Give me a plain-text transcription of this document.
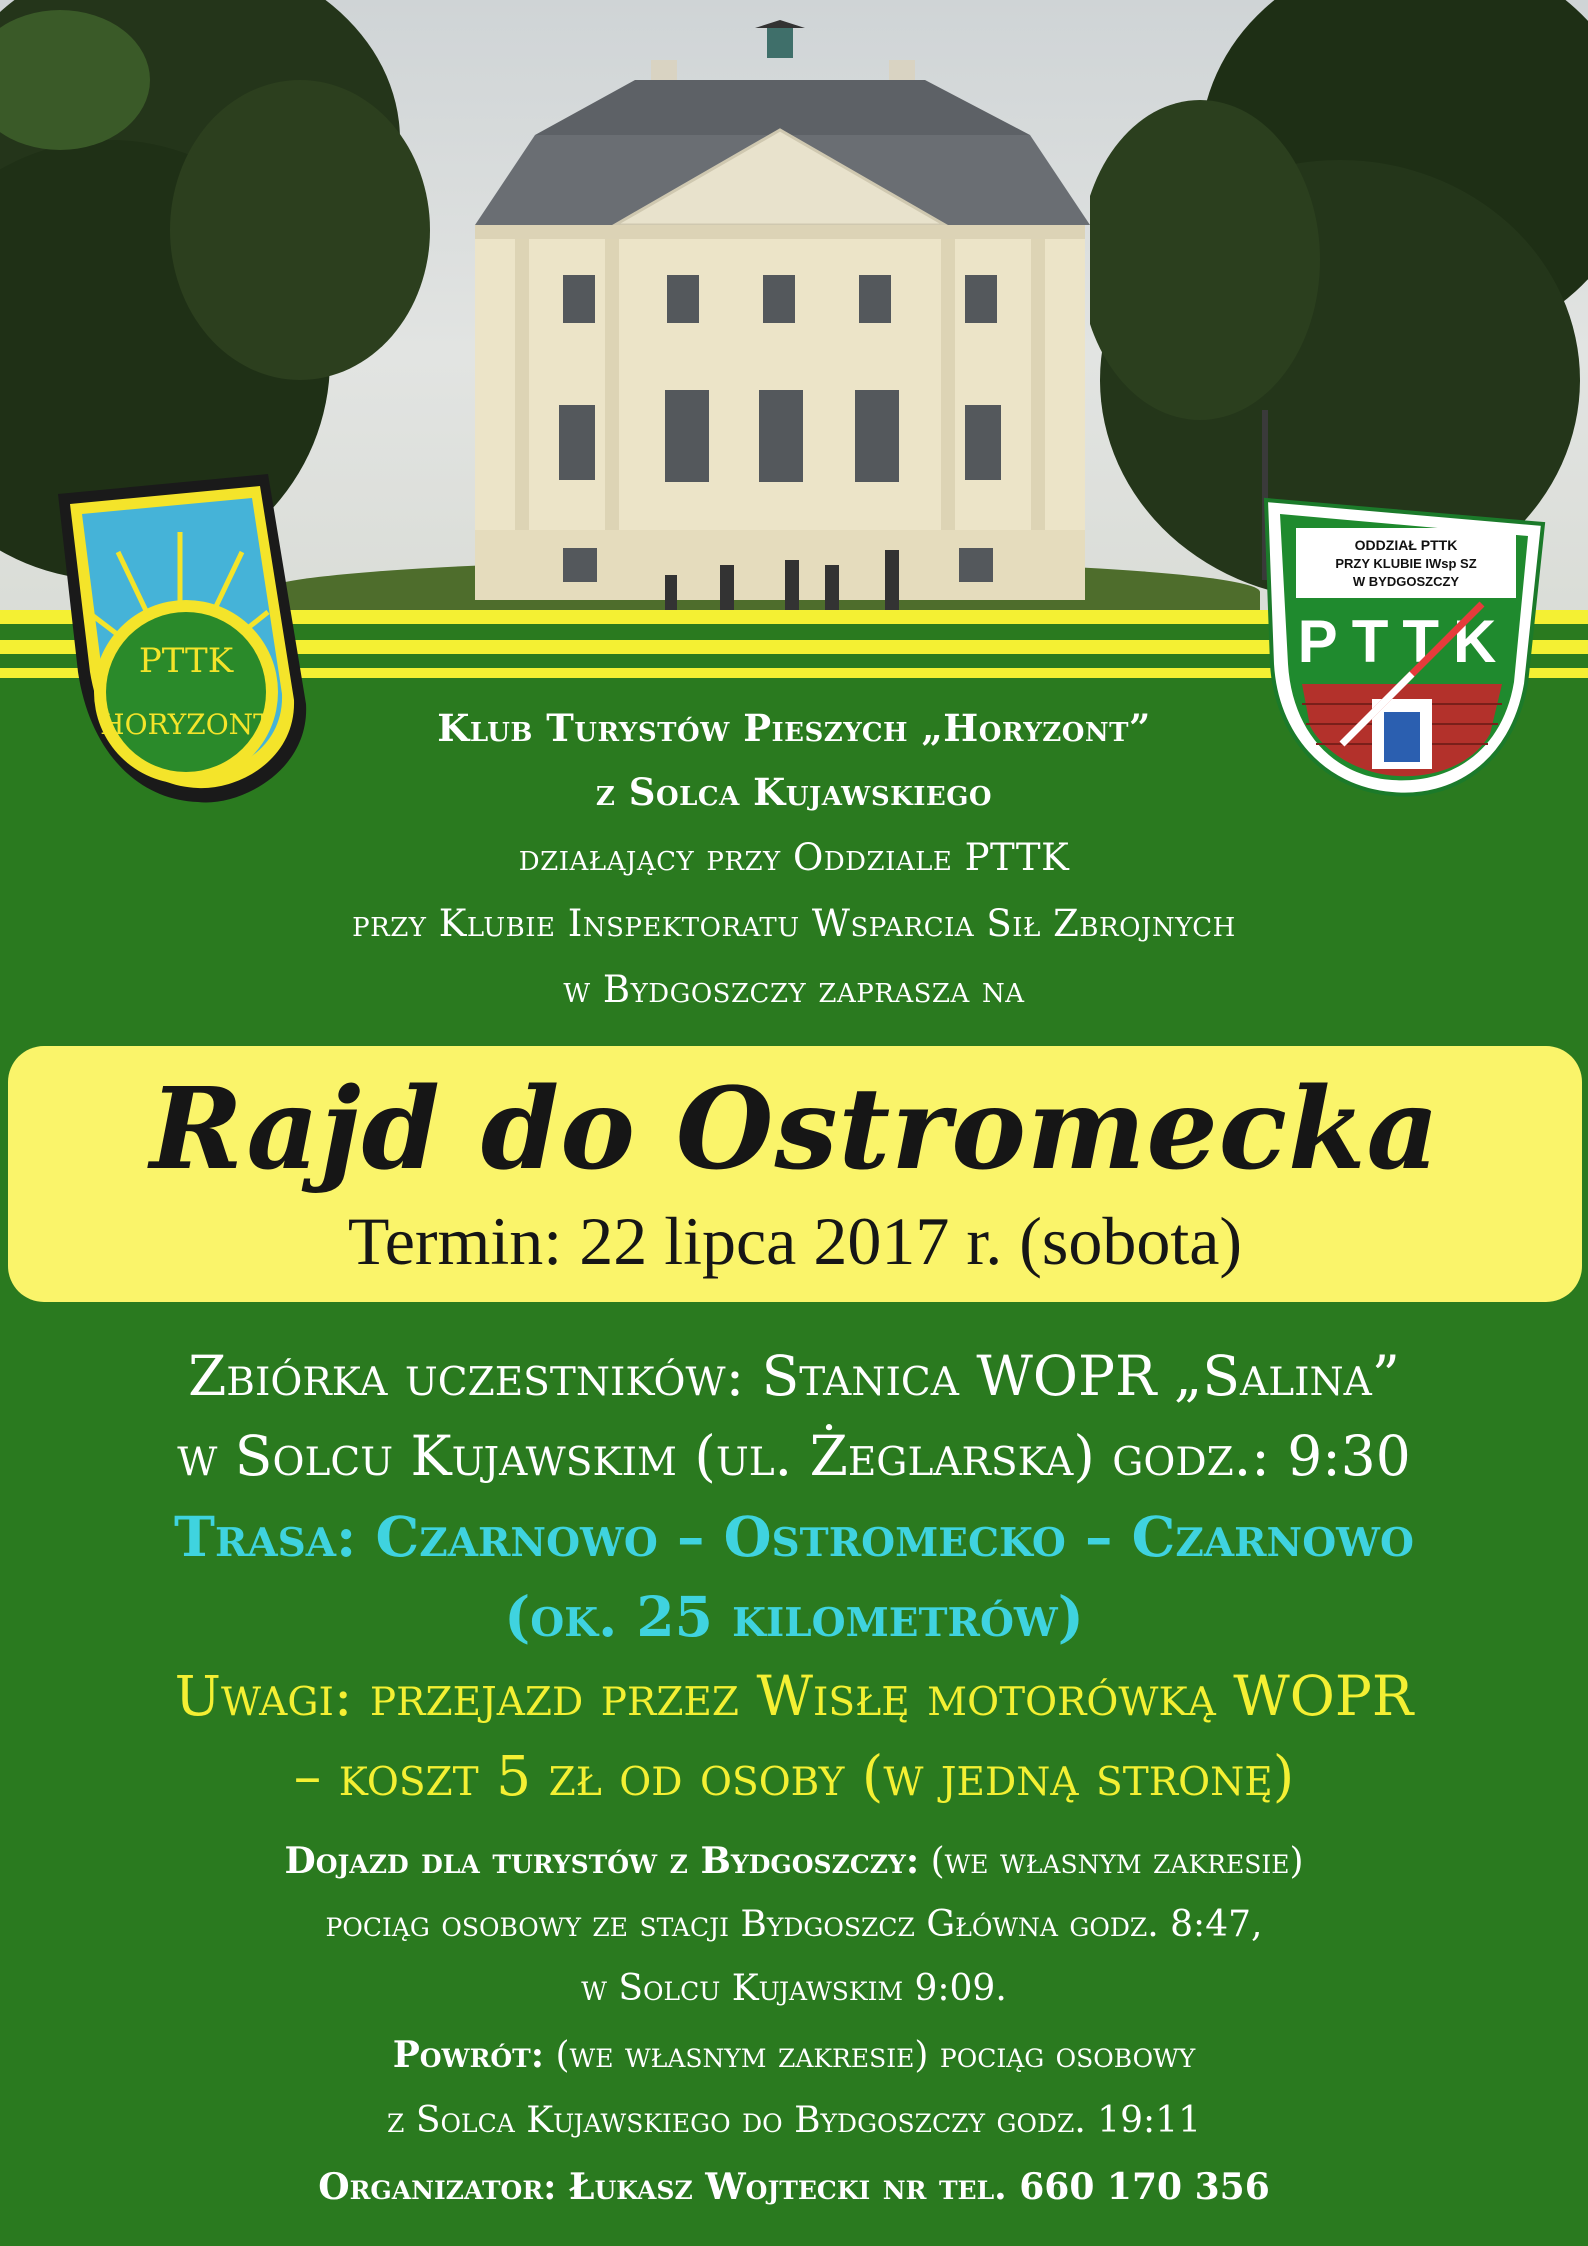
PTTK
HORYZONT
ODDZIAŁ PTTK
PRZY KLUBIE IWsp SZ
W BYDGOSZCZY
PTTK
Klub Turystów Pieszych „Horyzont”
z Solca Kujawskiego
działający przy Oddziale PTTK
przy Klubie Inspektoratu Wsparcia Sił Zbrojnych
w Bydgoszczy zaprasza na
Rajd do Ostromecka
Termin: 22 lipca 2017 r. (sobota)
Zbiórka uczestników: Stanica WOPR „Salina”
w Solcu Kujawskim (ul. Żeglarska) godz.: 9:30
Trasa: Czarnowo – Ostromecko – Czarnowo
(ok. 25 kilometrów)
Uwagi: przejazd przez Wisłę motorówką WOPR
– koszt 5 zł od osoby (w jedną stronę)
Dojazd dla turystów z Bydgoszczy: (we własnym zakresie)
pociąg osobowy ze stacji Bydgoszcz Główna godz. 8:47,
w Solcu Kujawskim 9:09.
Powrót: (we własnym zakresie) pociąg osobowy
z Solca Kujawskiego do Bydgoszczy godz. 19:11
Organizator: Łukasz Wojtecki nr tel. 660 170 356
